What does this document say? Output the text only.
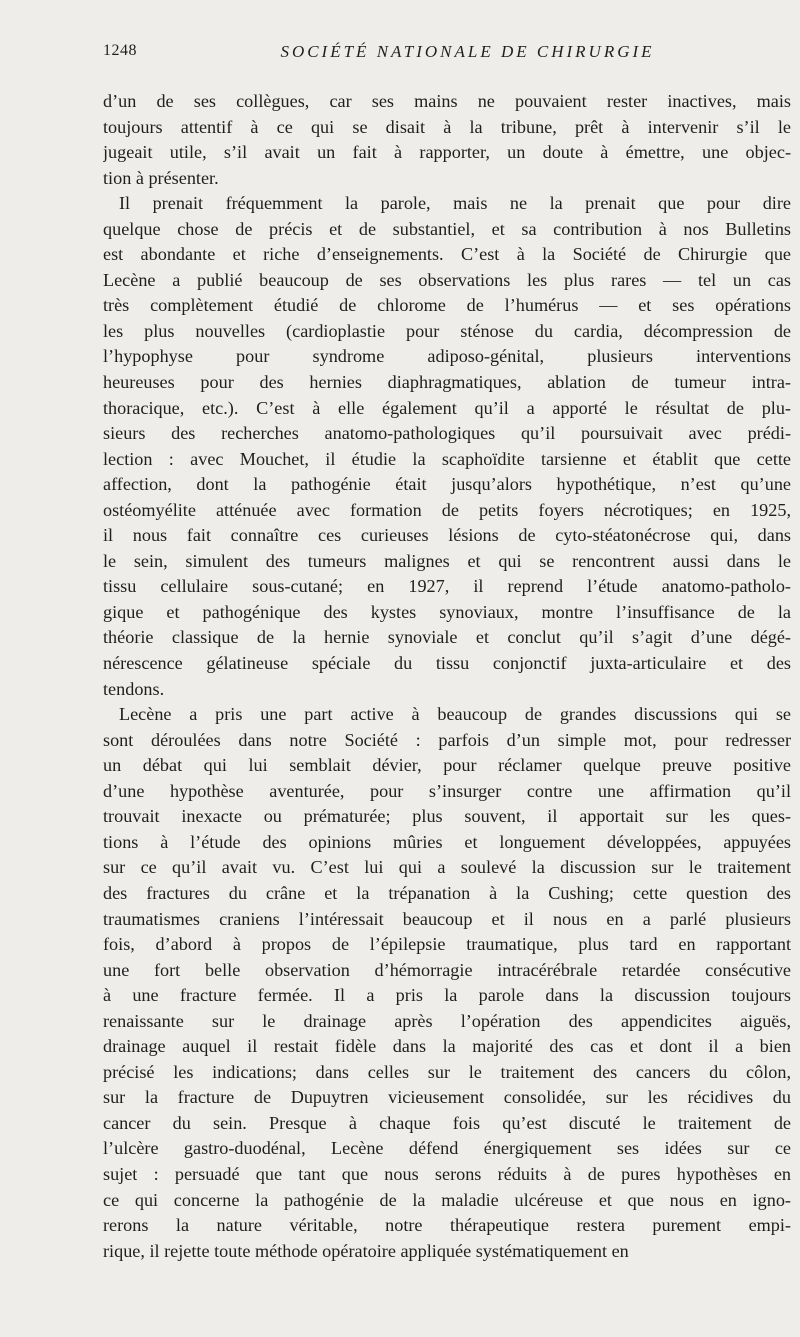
1248	SOCIÉTÉ NATIONALE DE CHIRURGIE
d’un de ses collègues, car ses mains ne pouvaient rester inactives, mais
toujours attentif à ce qui se disait à la tribune, prêt à intervenir s’il le
jugeait utile, s’il avait un fait à rapporter, un doute à émettre, une objec-
tion à présenter.
Il prenait fréquemment la parole, mais ne la prenait que pour dire
quelque chose de précis et de substantiel, et sa contribution à nos Bulletins
est abondante et riche d’enseignements. C’est à la Société de Chirurgie que
Lecène a publié beaucoup de ses observations les plus rares — tel un cas
très complètement étudié de chlorome de l’humérus — et ses opérations
les plus nouvelles (cardioplastie pour sténose du cardia, décompression de
l’hypophyse pour syndrome adiposo-génital, plusieurs interventions
heureuses pour des hernies diaphragmatiques, ablation de tumeur intra-
thoracique, etc.). C’est à elle également qu’il a apporté le résultat de plu-
sieurs des recherches anatomo-pathologiques qu’il poursuivait avec prédi-
lection : avec Mouchet, il étudie la scaphoïdite tarsienne et établit que cette
affection, dont la pathogénie était jusqu’alors hypothétique, n’est qu’une
ostéomyélite atténuée avec formation de petits foyers nécrotiques; en 1925,
il nous fait connaître ces curieuses lésions de cyto-stéatonécrose qui, dans
le sein, simulent des tumeurs malignes et qui se rencontrent aussi dans le
tissu cellulaire sous-cutané; en 1927, il reprend l’étude anatomo-patholo-
gique et pathogénique des kystes synoviaux, montre l’insuffisance de la
théorie classique de la hernie synoviale et conclut qu’il s’agit d’une dégé-
nérescence gélatineuse spéciale du tissu conjonctif juxta-articulaire et des
tendons.
Lecène a pris une part active à beaucoup de grandes discussions qui se
sont déroulées dans notre Société : parfois d’un simple mot, pour redresser
un débat qui lui semblait dévier, pour réclamer quelque preuve positive
d’une hypothèse aventurée, pour s’insurger contre une affirmation qu’il
trouvait inexacte ou prématurée; plus souvent, il apportait sur les ques-
tions à l’étude des opinions mûries et longuement développées, appuyées
sur ce qu’il avait vu. C’est lui qui a soulevé la discussion sur le traitement
des fractures du crâne et la trépanation à la Cushing; cette question des
traumatismes craniens l’intéressait beaucoup et il nous en a parlé plusieurs
fois, d’abord à propos de l’épilepsie traumatique, plus tard en rapportant
une fort belle observation d’hémorragie intracérébrale retardée consécutive
à une fracture fermée. Il a pris la parole dans la discussion toujours
renaissante sur le drainage après l’opération des appendicites aiguës,
drainage auquel il restait fidèle dans la majorité des cas et dont il a bien
précisé les indications; dans celles sur le traitement des cancers du côlon,
sur la fracture de Dupuytren vicieusement consolidée, sur les récidives du
cancer du sein. Presque à chaque fois qu’est discuté le traitement de
l’ulcère gastro-duodénal, Lecène défend énergiquement ses idées sur ce
sujet : persuadé que tant que nous serons réduits à de pures hypothèses en
ce qui concerne la pathogénie de la maladie ulcéreuse et que nous en igno-
rerons la nature véritable, notre thérapeutique restera purement empi-
rique, il rejette toute méthode opératoire appliquée systématiquement en
